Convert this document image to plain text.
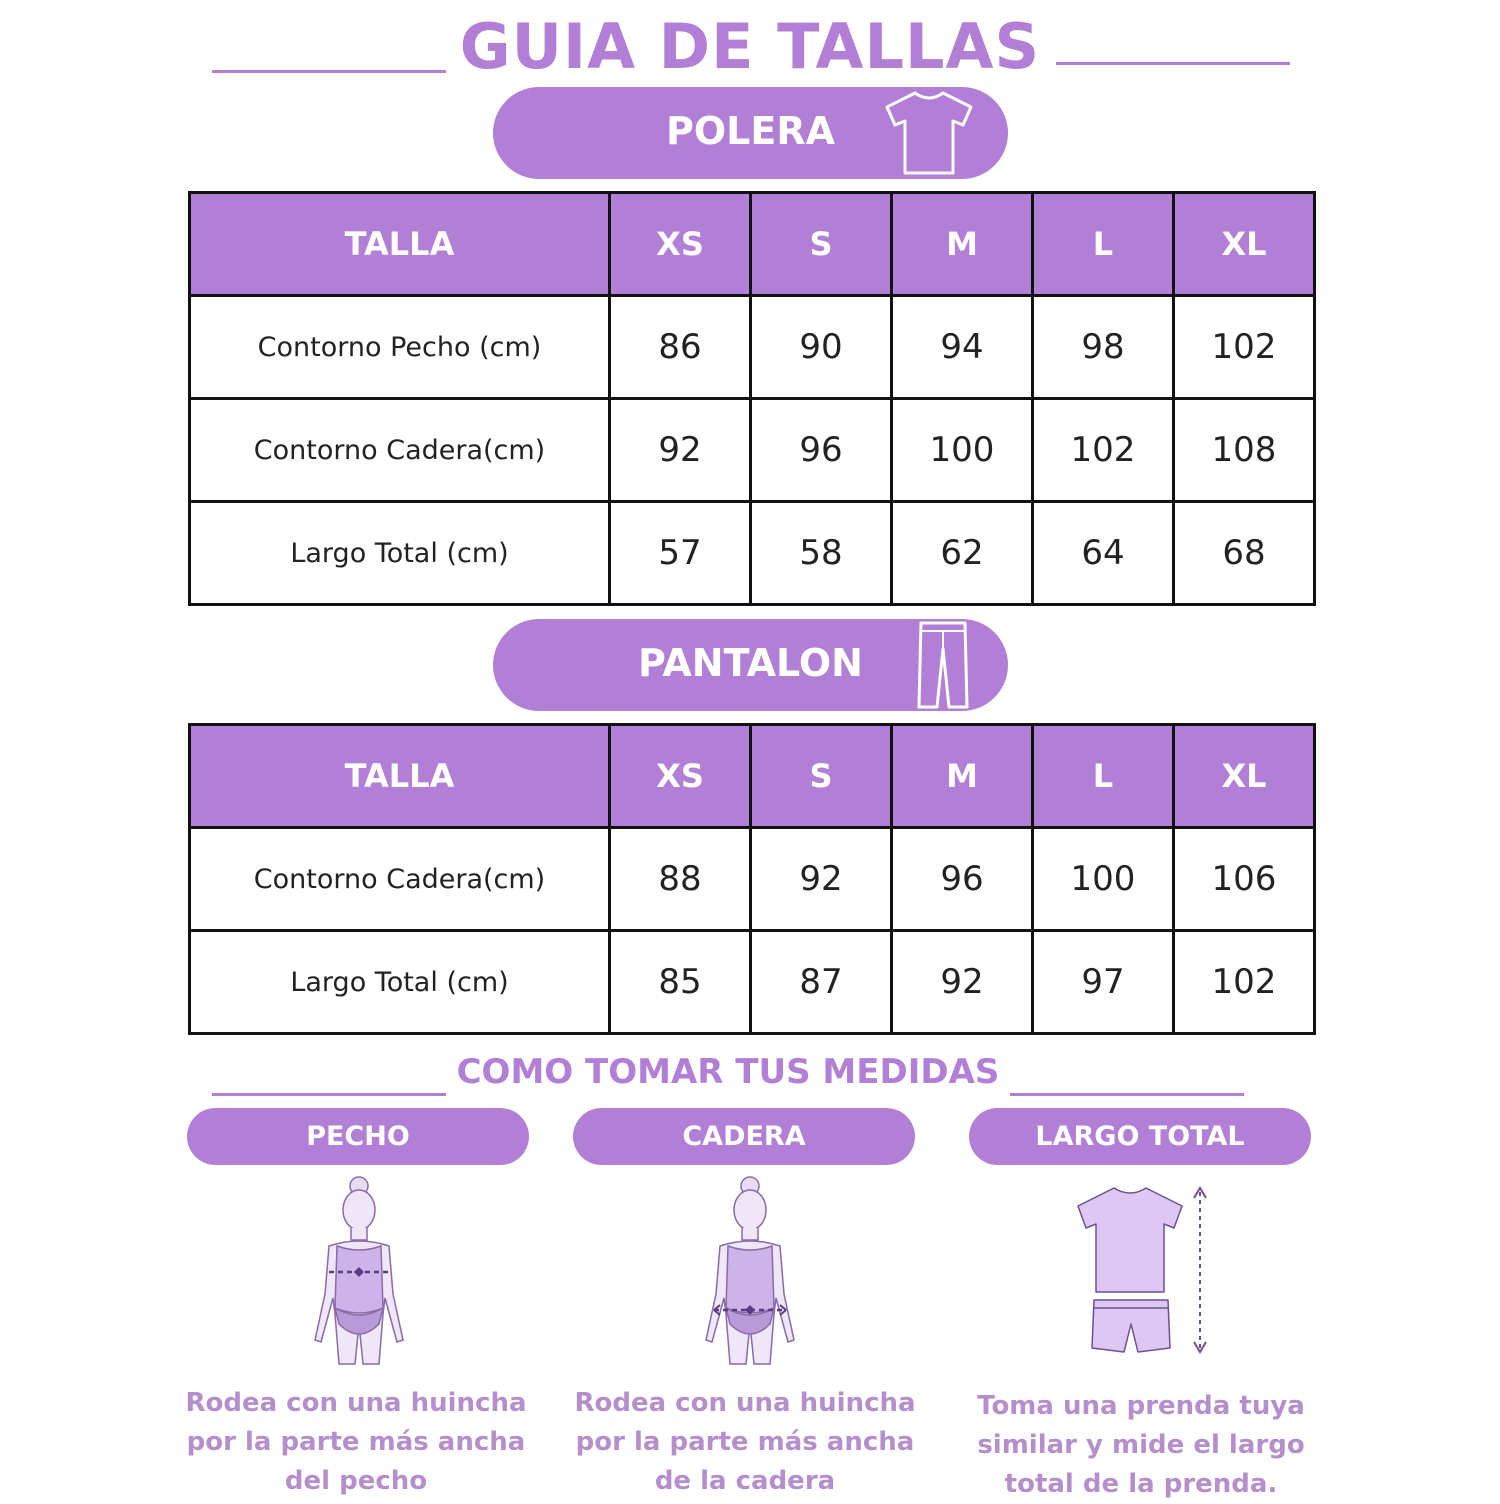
GUIA DE TALLAS
POLERA
TALLA	XS	S	M	L	XL
Contorno Pecho (cm)	86	90	94	98	102
Contorno Cadera(cm)	92	96	100	102	108
Largo Total (cm)	57	58	62	64	68
PANTALON
TALLA	XS	S	M	L	XL
Contorno Cadera(cm)	88	92	96	100	106
Largo Total (cm)	85	87	92	97	102
COMO TOMAR TUS MEDIDAS
PECHO	CADERA	LARGO TOTAL
Rodea con una huincha
por la parte más ancha
del pecho
Rodea con una huincha
por la parte más ancha
de la cadera
Toma una prenda tuya
similar y mide el largo
total de la prenda.
